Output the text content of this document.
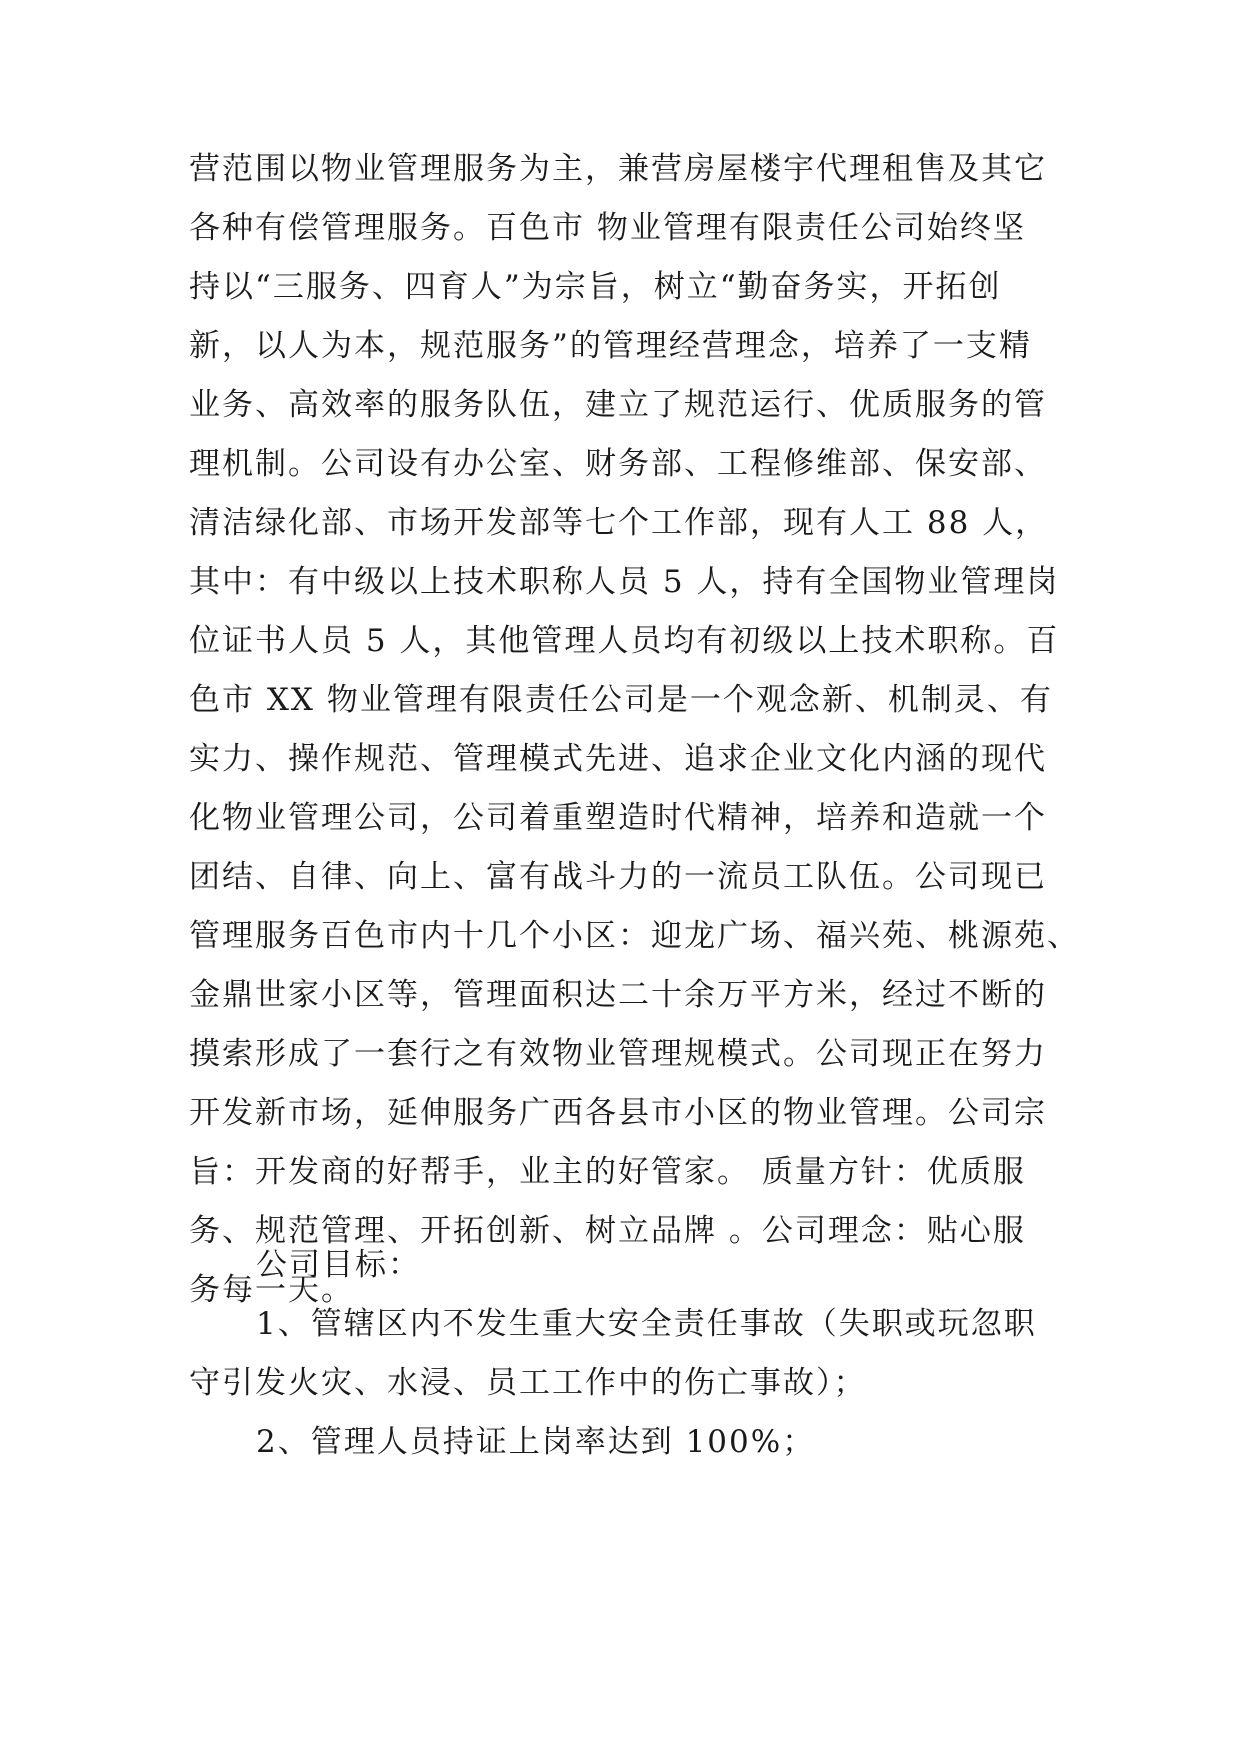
营范围以物业管理服务为主，兼营房屋楼宇代理租售及其它
各种有偿管理服务。百色市 物业管理有限责任公司始终坚
持以“三服务、四育人”为宗旨，树立“勤奋务实，开拓创
新，以人为本，规范服务”的管理经营理念，培养了一支精
业务、高效率的服务队伍，建立了规范运行、优质服务的管
理机制。公司设有办公室、财务部、工程修维部、保安部、
清洁绿化部、市场开发部等七个工作部，现有人工 88 人，
其中：有中级以上技术职称人员 5 人，持有全国物业管理岗
位证书人员 5 人，其他管理人员均有初级以上技术职称。百
色市 XX 物业管理有限责任公司是一个观念新、机制灵、有
实力、操作规范、管理模式先进、追求企业文化内涵的现代
化物业管理公司，公司着重塑造时代精神，培养和造就一个
团结、自律、向上、富有战斗力的一流员工队伍。公司现已
管理服务百色市内十几个小区：迎龙广场、福兴苑、桃源苑、
金鼎世家小区等，管理面积达二十余万平方米，经过不断的
摸索形成了一套行之有效物业管理规模式。公司现正在努力
开发新市场，延伸服务广西各县市小区的物业管理。公司宗
旨：开发商的好帮手，业主的好管家。 质量方针：优质服
务、规范管理、开拓创新、树立品牌 。公司理念：贴心服
务每一天。
公司目标：
1、管辖区内不发生重大安全责任事故（失职或玩忽职
守引发火灾、水浸、员工工作中的伤亡事故）；
2、管理人员持证上岗率达到 100%；
